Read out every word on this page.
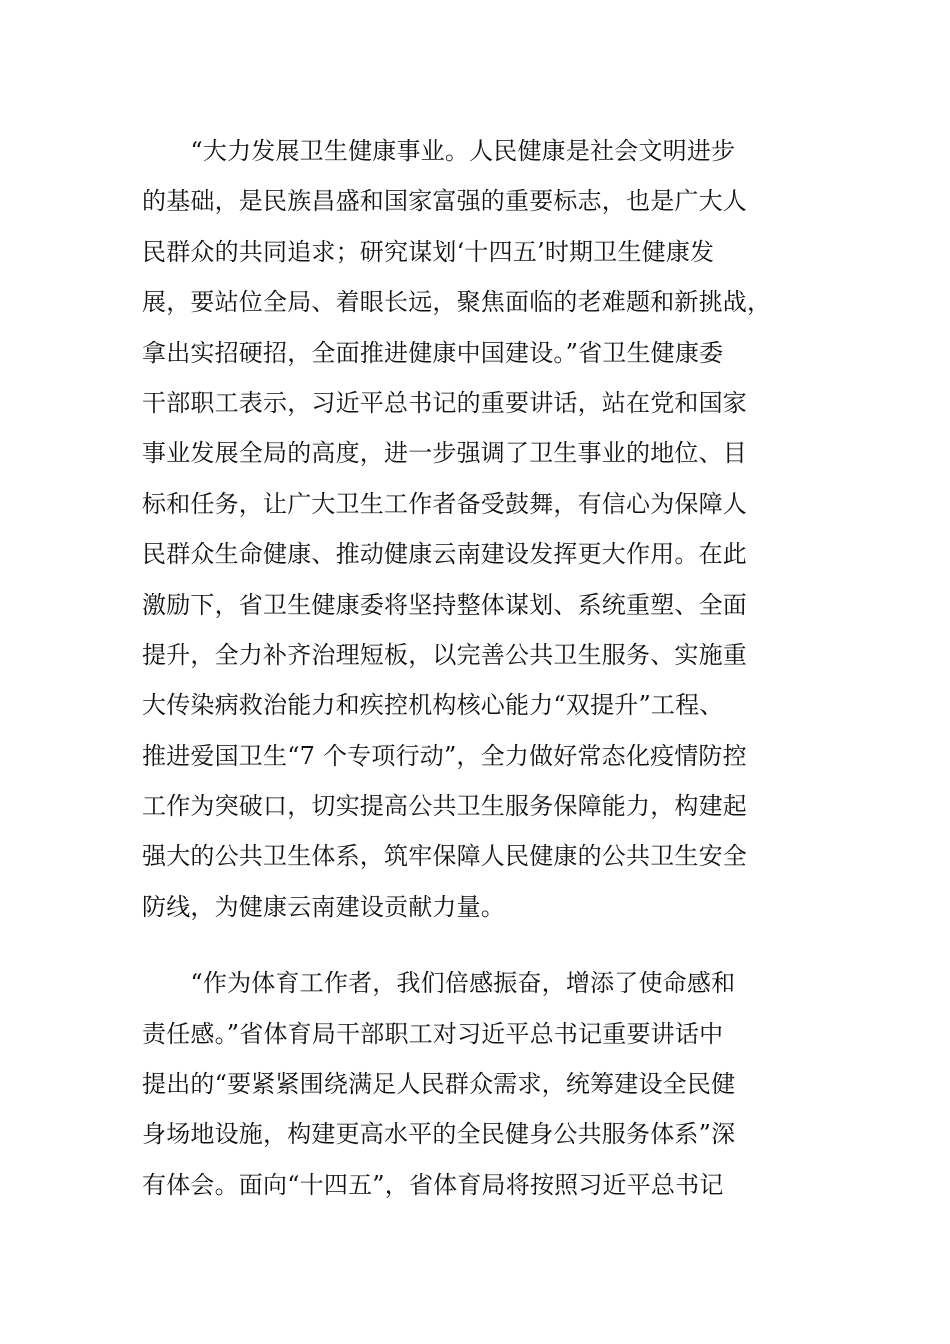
　　“大力发展卫生健康事业。人民健康是社会文明进步
的基础，是民族昌盛和国家富强的重要标志，也是广大人
民群众的共同追求；研究谋划‘十四五’时期卫生健康发
展，要站位全局、着眼长远，聚焦面临的老难题和新挑战，
拿出实招硬招，全面推进健康中国建设。”省卫生健康委
干部职工表示，习近平总书记的重要讲话，站在党和国家
事业发展全局的高度，进一步强调了卫生事业的地位、目
标和任务，让广大卫生工作者备受鼓舞，有信心为保障人
民群众生命健康、推动健康云南建设发挥更大作用。在此
激励下，省卫生健康委将坚持整体谋划、系统重塑、全面
提升，全力补齐治理短板，以完善公共卫生服务、实施重
大传染病救治能力和疾控机构核心能力“双提升”工程、
推进爱国卫生“7 个专项行动”，全力做好常态化疫情防控
工作为突破口，切实提高公共卫生服务保障能力，构建起
强大的公共卫生体系，筑牢保障人民健康的公共卫生安全
防线，为健康云南建设贡献力量。

　　“作为体育工作者，我们倍感振奋，增添了使命感和
责任感。”省体育局干部职工对习近平总书记重要讲话中
提出的“要紧紧围绕满足人民群众需求，统筹建设全民健
身场地设施，构建更高水平的全民健身公共服务体系”深
有体会。面向“十四五”，省体育局将按照习近平总书记
